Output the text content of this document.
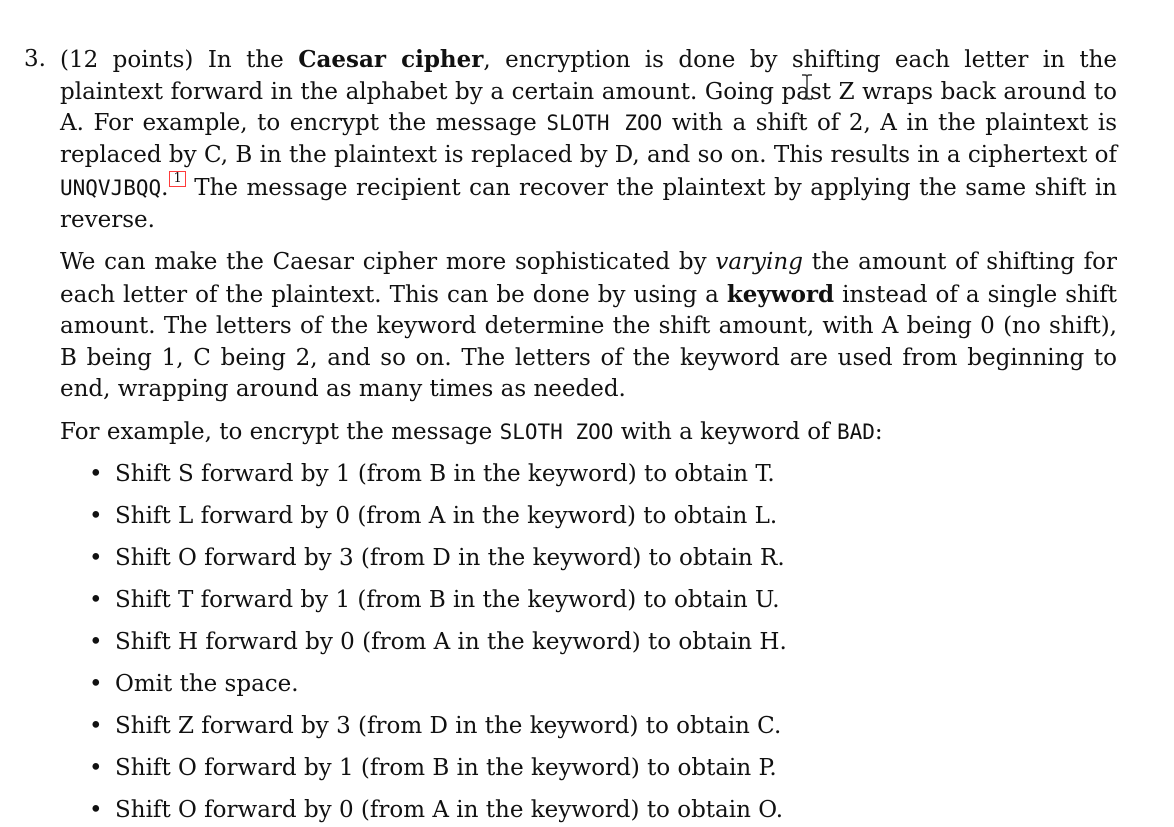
3. (12 points) In the Caesar cipher, encryption is done by shifting each letter in the plaintext forward in the alphabet by a certain amount. Going past Z wraps back around to A. For example, to encrypt the message SLOTH ZOO with a shift of 2, A in the plaintext is replaced by C, B in the plaintext is replaced by D, and so on. This results in a ciphertext of UNQVJBQQ. 1 The message recipient can recover the plaintext by applying the same shift in reverse.

We can make the Caesar cipher more sophisticated by varying the amount of shifting for each letter of the plaintext. This can be done by using a keyword instead of a single shift amount. The letters of the keyword determine the shift amount, with A being 0 (no shift), B being 1, C being 2, and so on. The letters of the keyword are used from beginning to end, wrapping around as many times as needed.

For example, to encrypt the message SLOTH ZOO with a keyword of BAD:

• Shift S forward by 1 (from B in the keyword) to obtain T.
• Shift L forward by 0 (from A in the keyword) to obtain L.
• Shift O forward by 3 (from D in the keyword) to obtain R.
• Shift T forward by 1 (from B in the keyword) to obtain U.
• Shift H forward by 0 (from A in the keyword) to obtain H.
• Omit the space.
• Shift Z forward by 3 (from D in the keyword) to obtain C.
• Shift O forward by 1 (from B in the keyword) to obtain P.
• Shift O forward by 0 (from A in the keyword) to obtain O.
